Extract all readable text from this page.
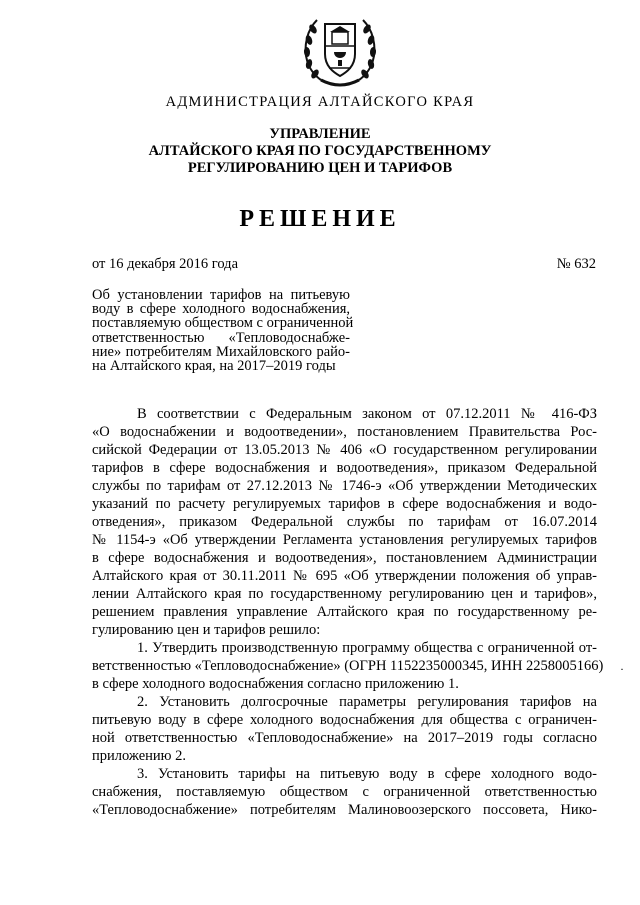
АДМИНИСТРАЦИЯ АЛТАЙСКОГО КРАЯ
УПРАВЛЕНИЕ
АЛТАЙСКОГО КРАЯ ПО ГОСУДАРСТВЕННОМУ
РЕГУЛИРОВАНИЮ ЦЕН И ТАРИФОВ
РЕШЕНИЕ
от 16 декабря 2016 года	№ 632
Об установлении тарифов на питьевую
воду в сфере холодного водоснабжения,
поставляемую обществом с ограниченной
ответственностью «Тепловодоснабже-
ние» потребителям Михайловского райо-
на Алтайского края, на 2017–2019 годы
В соответствии с Федеральным законом от 07.12.2011 № 416-ФЗ
«О водоснабжении и водоотведении», постановлением Правительства Рос-
сийской Федерации от 13.05.2013 № 406 «О государственном регулировании
тарифов в сфере водоснабжения и водоотведения», приказом Федеральной
службы по тарифам от 27.12.2013 № 1746-э «Об утверждении Методических
указаний по расчету регулируемых тарифов в сфере водоснабжения и водо-
отведения», приказом Федеральной службы по тарифам от 16.07.2014
№ 1154-э «Об утверждении Регламента установления регулируемых тарифов
в сфере водоснабжения и водоотведения», постановлением Администрации
Алтайского края от 30.11.2011 № 695 «Об утверждении положения об управ-
лении Алтайского края по государственному регулированию цен и тарифов»,
решением правления управление Алтайского края по государственному ре-
гулированию цен и тарифов решило:
1. Утвердить производственную программу общества с ограниченной от-
ветственностью «Тепловодоснабжение» (ОГРН 1152235000345, ИНН 2258005166)
в сфере холодного водоснабжения согласно приложению 1.
2. Установить долгосрочные параметры регулирования тарифов на
питьевую воду в сфере холодного водоснабжения для общества с ограничен-
ной ответственностью «Тепловодоснабжение» на 2017–2019 годы согласно
приложению 2.
3. Установить тарифы на питьевую воду в сфере холодного водо-
снабжения, поставляемую обществом с ограниченной ответственностью
«Тепловодоснабжение» потребителям Малиновоозерского поссовета, Нико-
·
